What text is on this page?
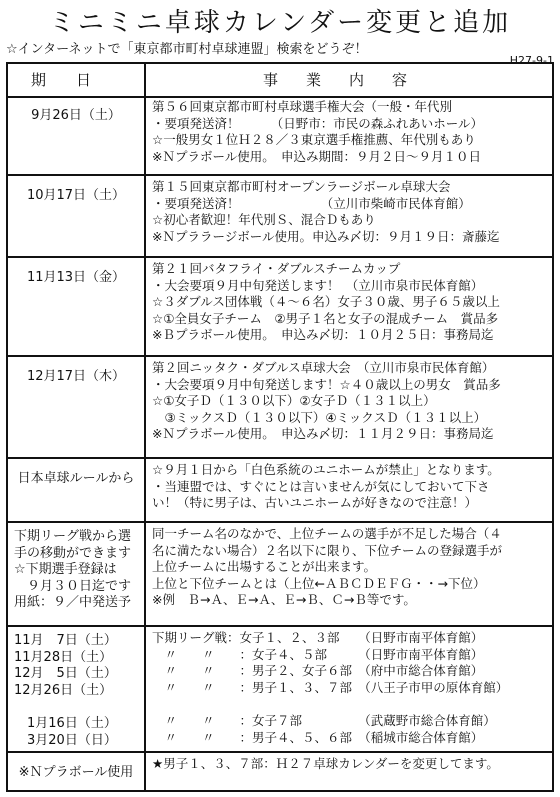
ミニミニ卓球カレンダー変更と追加
☆インターネットで「東京都市町村卓球連盟」検索をどうぞ！
H27-9-1
期日	事業内容
9月26日（土）
第５６回東京都市町村卓球選手権大会（一般・年代別
・要項発送済！　　　（日野市：市民の森ふれあいホール）
☆一般男女１位Ｈ２８／３東京選手権推薦、年代別もあり
※Ｎプラボール使用。　申込み期間：９月２日〜９月１０日
10月17日（土）
第１５回東京都市町村オープンラージボール卓球大会
・要項発送済！　　　　　　　（立川市柴崎市民体育館）
☆初心者歓迎！年代別Ｓ、混合Ｄもあり
※Ｎプララージボール使用。申込み〆切：９月１９日：斎藤迄
11月13日（金）
第２１回バタフライ・ダブルスチームカップ
・大会要項９月中旬発送します！　（立川市泉市民体育館）
☆３ダブルス団体戦（４〜６名）女子３０歳、男子６５歳以上
☆①全員女子チーム　②男子１名と女子の混成チーム　賞品多
※Ｂプラボール使用。　申込み〆切：１０月２５日：事務局迄
12月17日（木）
第２回ニッタク・ダブルス卓球大会　（立川市泉市民体育館）
・大会要項９月中旬発送します！☆４０歳以上の男女　賞品多
☆①女子Ｄ（１３０以下）②女子Ｄ（１３１以上）
　③ミックスＤ（１３０以下）④ミックスＤ（１３１以上）
※Ｎプラボール使用。　申込み〆切：１１月２９日：事務局迄
日本卓球ルールから
☆９月１日から「白色系統のユニホームが禁止」となります。
・当連盟では、すぐにとは言いませんが気にしておいて下さ
い！（特に男子は、古いユニホームが好きなので注意！）
下期リーグ戦から選
手の移動ができます
☆下期選手登録は
　９月３０日迄です
用紙：９／中発送予
同一チーム名のなかで、上位チームの選手が不足した場合（４
名に満たない場合）２名以下に限り、下位チームの登録選手が
上位チームに出場することが出来ます。
上位と下位チームとは（上位←ＡＢＣＤＥＦＧ・・→下位）
※例　Ｂ→Ａ、Ｅ→Ａ、Ｅ→Ｂ、Ｃ→Ｂ等です。
11月　7日（土）
11月28日（土）
12月　5日（土）
12月26日（土）
　1月16日（土）
　3月20日（日）
下期リーグ戦：女子１、２、３部　　（日野市南平体育館）
　〃　　〃　　：女子４、５部　　　（日野市南平体育館）
　〃　　〃　　：男子２、女子６部　（府中市総合体育館）
　〃　　〃　　：男子１、３、７部　（八王子市甲の原体育館）
　〃　　〃　　：女子７部　　　　　（武蔵野市総合体育館）
　〃　　〃　　：男子４、５、６部　（稲城市総合体育館）
※Ｎプラボール使用
★男子１、３、７部：Ｈ２７卓球カレンダーを変更してます。
